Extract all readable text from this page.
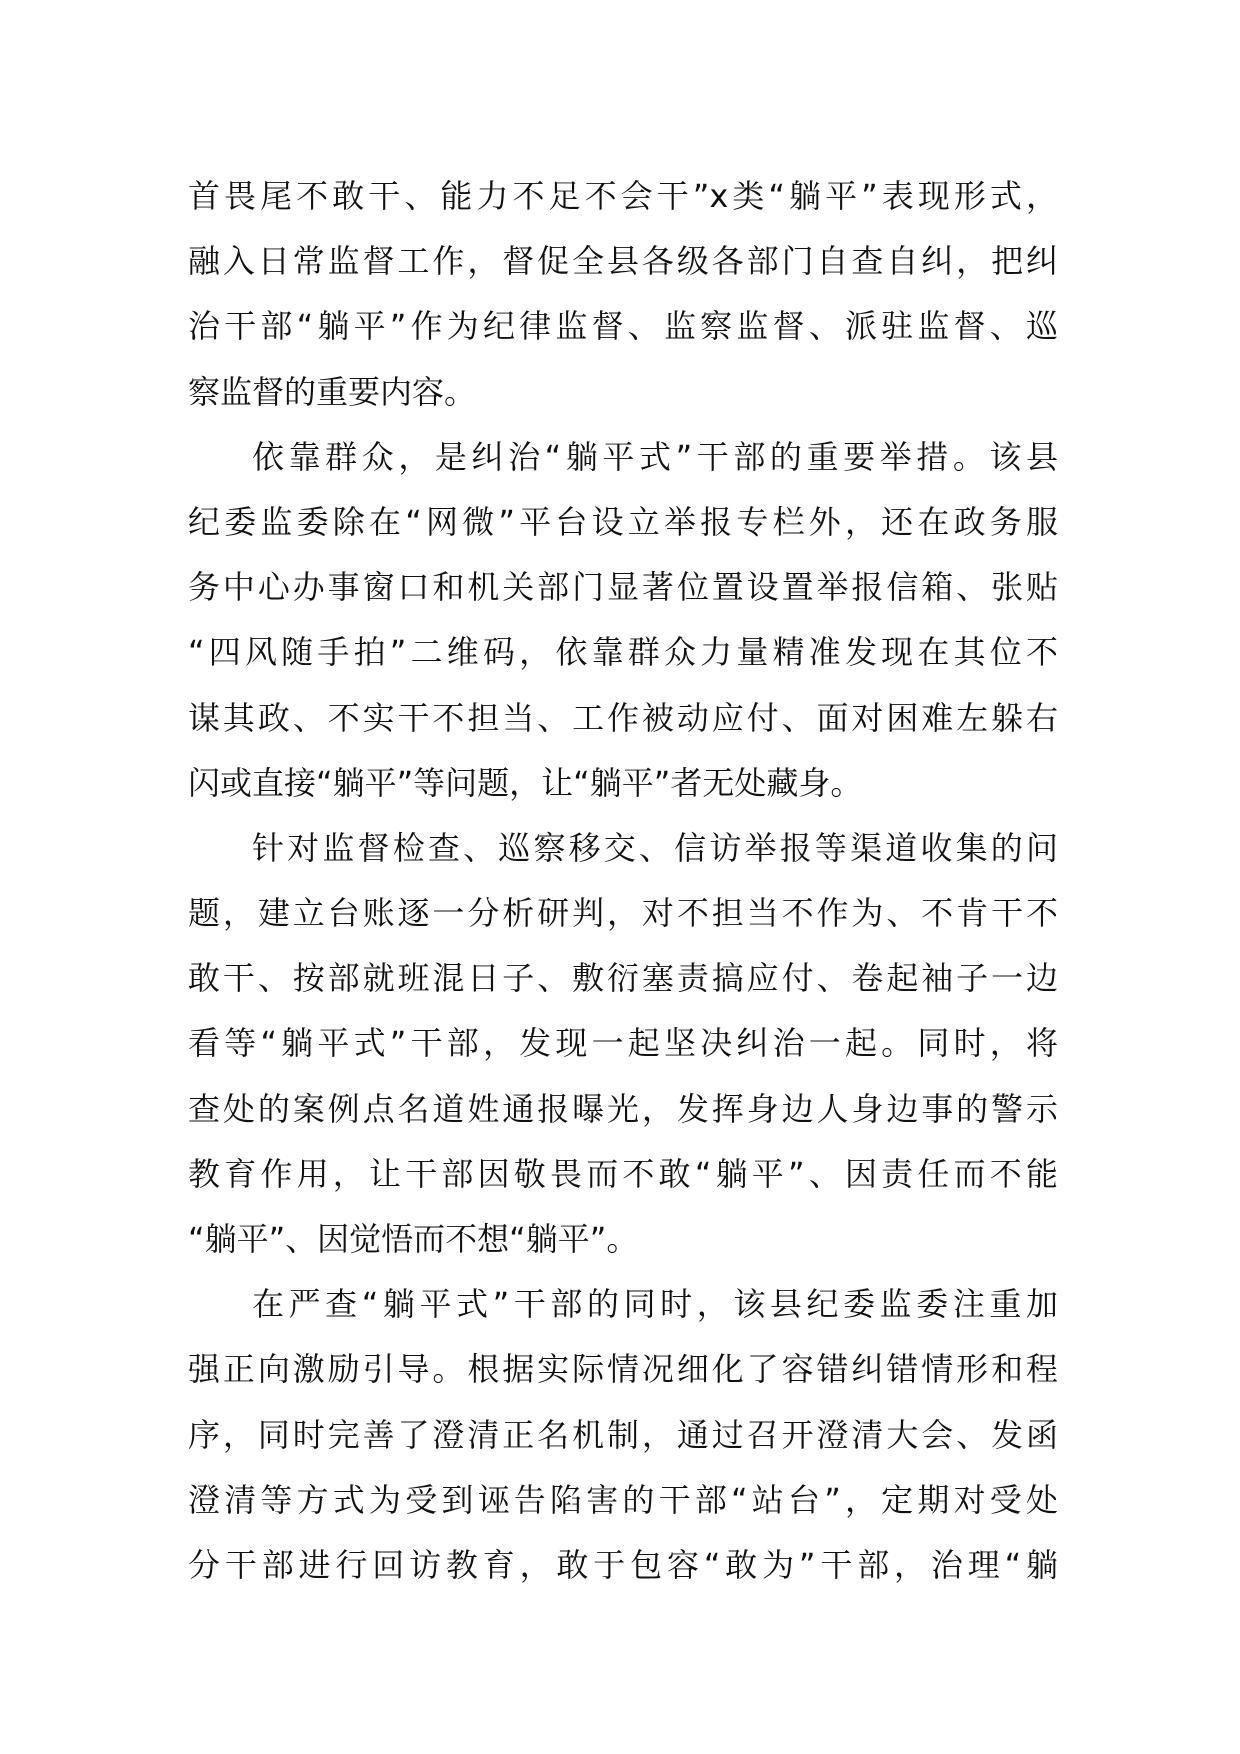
首畏尾不敢干、能力不足不会干”x类“躺平”表现形式，
融入日常监督工作，督促全县各级各部门自查自纠，把纠
治干部“躺平”作为纪律监督、监察监督、派驻监督、巡
察监督的重要内容。
依靠群众，是纠治“躺平式”干部的重要举措。该县
纪委监委除在“网微”平台设立举报专栏外，还在政务服
务中心办事窗口和机关部门显著位置设置举报信箱、张贴
“四风随手拍”二维码，依靠群众力量精准发现在其位不
谋其政、不实干不担当、工作被动应付、面对困难左躲右
闪或直接“躺平”等问题，让“躺平”者无处藏身。
针对监督检查、巡察移交、信访举报等渠道收集的问
题，建立台账逐一分析研判，对不担当不作为、不肯干不
敢干、按部就班混日子、敷衍塞责搞应付、卷起袖子一边
看等“躺平式”干部，发现一起坚决纠治一起。同时，将
查处的案例点名道姓通报曝光，发挥身边人身边事的警示
教育作用，让干部因敬畏而不敢“躺平”、因责任而不能
“躺平”、因觉悟而不想“躺平”。
在严查“躺平式”干部的同时，该县纪委监委注重加
强正向激励引导。根据实际情况细化了容错纠错情形和程
序，同时完善了澄清正名机制，通过召开澄清大会、发函
澄清等方式为受到诬告陷害的干部“站台”，定期对受处
分干部进行回访教育，敢于包容“敢为”干部，治理“躺
